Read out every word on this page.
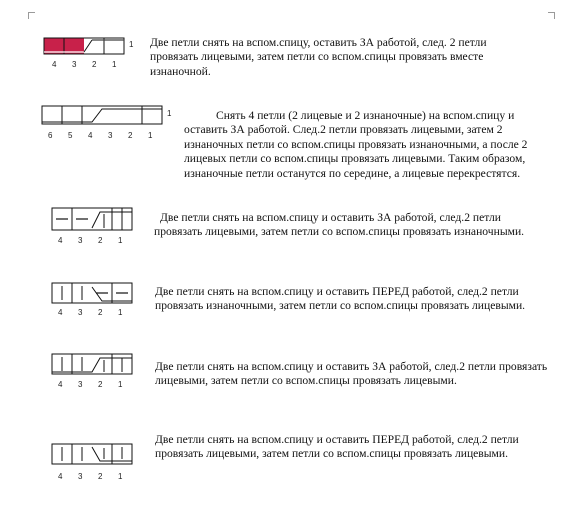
1
4 3 2 1

Две петли снять на вспом.спицу, оставить ЗА работой, след. 2 петли провязать лицевыми, затем петли со вспом.спицы провязать вместе изнаночной.

1
6 5 4 3 2 1

Снять 4 петли (2 лицевые и 2 изнаночные) на вспом.спицу и оставить ЗА работой. След.2 петли провязать лицевыми, затем 2 изнаночных петли со вспом.спицы провязать изнаночными, а после 2 лицевых петли со вспом.спицы провязать лицевыми. Таким образом, изнаночные петли останутся по середине, а лицевые перекрестятся.

4 3 2 1

Две петли снять на вспом.спицу и оставить ЗА работой, след.2 петли провязать лицевыми, затем петли со вспом.спицы провязать изнаночными.

4 3 2 1

Две петли снять на вспом.спицу и оставить ПЕРЕД работой, след.2 петли провязать изнаночными, затем петли со вспом.спицы провязать лицевыми.

4 3 2 1

Две петли снять на вспом.спицу и оставить ЗА работой, след.2 петли провязать лицевыми, затем петли со вспом.спицы провязать лицевыми.

4 3 2 1

Две петли снять на вспом.спицу и оставить ПЕРЕД работой, след.2 петли провязать лицевыми, затем петли со вспом.спицы провязать лицевыми.
